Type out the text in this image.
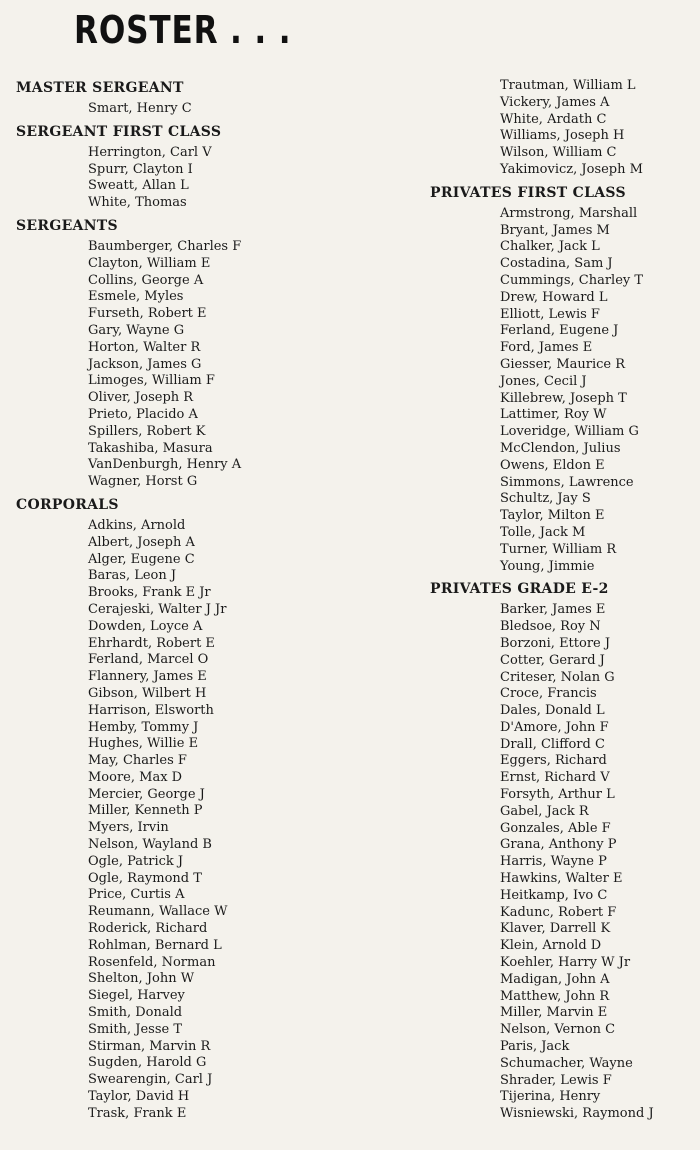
ROSTER . . .
MASTER SERGEANT
Smart, Henry C
SERGEANT FIRST CLASS
Herrington, Carl V
Spurr, Clayton I
Sweatt, Allan L
White, Thomas
SERGEANTS
Baumberger, Charles F
Clayton, William E
Collins, George A
Esmele, Myles
Furseth, Robert E
Gary, Wayne G
Horton, Walter R
Jackson, James G
Limoges, William F
Oliver, Joseph R
Prieto, Placido A
Spillers, Robert K
Takashiba, Masura
VanDenburgh, Henry A
Wagner, Horst G
CORPORALS
Adkins, Arnold
Albert, Joseph A
Alger, Eugene C
Baras, Leon J
Brooks, Frank E Jr
Cerajeski, Walter J Jr
Dowden, Loyce A
Ehrhardt, Robert E
Ferland, Marcel O
Flannery, James E
Gibson, Wilbert H
Harrison, Elsworth
Hemby, Tommy J
Hughes, Willie E
May, Charles F
Moore, Max D
Mercier, George J
Miller, Kenneth P
Myers, Irvin
Nelson, Wayland B
Ogle, Patrick J
Ogle, Raymond T
Price, Curtis A
Reumann, Wallace W
Roderick, Richard
Rohlman, Bernard L
Rosenfeld, Norman
Shelton, John W
Siegel, Harvey
Smith, Donald
Smith, Jesse T
Stirman, Marvin R
Sugden, Harold G
Swearengin, Carl J
Taylor, David H
Trask, Frank E
Trautman, William L
Vickery, James A
White, Ardath C
Williams, Joseph H
Wilson, William C
Yakimovicz, Joseph M
PRIVATES FIRST CLASS
Armstrong, Marshall
Bryant, James M
Chalker, Jack L
Costadina, Sam J
Cummings, Charley T
Drew, Howard L
Elliott, Lewis F
Ferland, Eugene J
Ford, James E
Giesser, Maurice R
Jones, Cecil J
Killebrew, Joseph T
Lattimer, Roy W
Loveridge, William G
McClendon, Julius
Owens, Eldon E
Simmons, Lawrence
Schultz, Jay S
Taylor, Milton E
Tolle, Jack M
Turner, William R
Young, Jimmie
PRIVATES GRADE E-2
Barker, James E
Bledsoe, Roy N
Borzoni, Ettore J
Cotter, Gerard J
Criteser, Nolan G
Croce, Francis
Dales, Donald L
D'Amore, John F
Drall, Clifford C
Eggers, Richard
Ernst, Richard V
Forsyth, Arthur L
Gabel, Jack R
Gonzales, Able F
Grana, Anthony P
Harris, Wayne P
Hawkins, Walter E
Heitkamp, Ivo C
Kadunc, Robert F
Klaver, Darrell K
Klein, Arnold D
Koehler, Harry W Jr
Madigan, John A
Matthew, John R
Miller, Marvin E
Nelson, Vernon C
Paris, Jack
Schumacher, Wayne
Shrader, Lewis F
Tijerina, Henry
Wisniewski, Raymond J
